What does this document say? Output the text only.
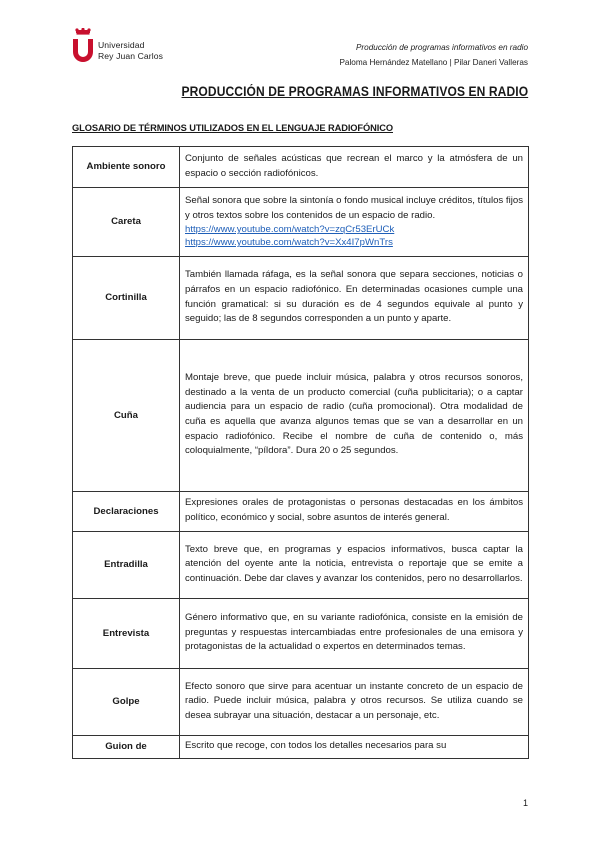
Universidad
Rey Juan Carlos
Producción de programas informativos en radio
Paloma Hernández Matellano | Pilar Daneri Valleras
PRODUCCIÓN DE PROGRAMAS INFORMATIVOS EN RADIO
GLOSARIO DE TÉRMINOS UTILIZADOS EN EL LENGUAJE RADIOFÓNICO
Ambiente sonoro	Conjunto de señales acústicas que recrean el marco y la atmósfera de un espacio o sección radiofónicos.
Careta	Señal sonora que sobre la sintonía o fondo musical incluye créditos, títulos fijos y otros textos sobre los contenidos de un espacio de radio.
https://www.youtube.com/watch?v=zqCr53ErUCk
https://www.youtube.com/watch?v=Xx4I7pWnTrs

Cortinilla	También llamada ráfaga, es la señal sonora que separa secciones, noticias o párrafos en un espacio radiofónico. En determinadas ocasiones cumple una función gramatical: si su duración es de 4 segundos equivale al punto y seguido; las de 8 segundos corresponden a un punto y aparte.
Cuña	Montaje breve, que puede incluir música, palabra y otros recursos sonoros, destinado a la venta de un producto comercial (cuña publicitaria); o a captar audiencia para un espacio de radio (cuña promocional). Otra modalidad de cuña es aquella que avanza algunos temas que se van a desarrollar en un espacio radiofónico. Recibe el nombre de cuña de contenido o, más coloquialmente, “píldora”. Dura 20 o 25 segundos.
Declaraciones	Expresiones orales de protagonistas o personas destacadas en los ámbitos político, económico y social, sobre asuntos de interés general.
Entradilla	Texto breve que, en programas y espacios informativos, busca captar la atención del oyente ante la noticia, entrevista o reportaje que se emite a continuación. Debe dar claves y avanzar los contenidos, pero no desarrollarlos.
Entrevista	Género informativo que, en su variante radiofónica, consiste en la emisión de preguntas y respuestas intercambiadas entre profesionales de una emisora y protagonistas de la actualidad o expertos en determinados temas.
Golpe	Efecto sonoro que sirve para acentuar un instante concreto de un espacio de radio. Puede incluir música, palabra y otros recursos. Se utiliza cuando se desea subrayar una situación, destacar a un personaje, etc.
Guion de	Escrito que recoge, con todos los detalles necesarios para su
1
